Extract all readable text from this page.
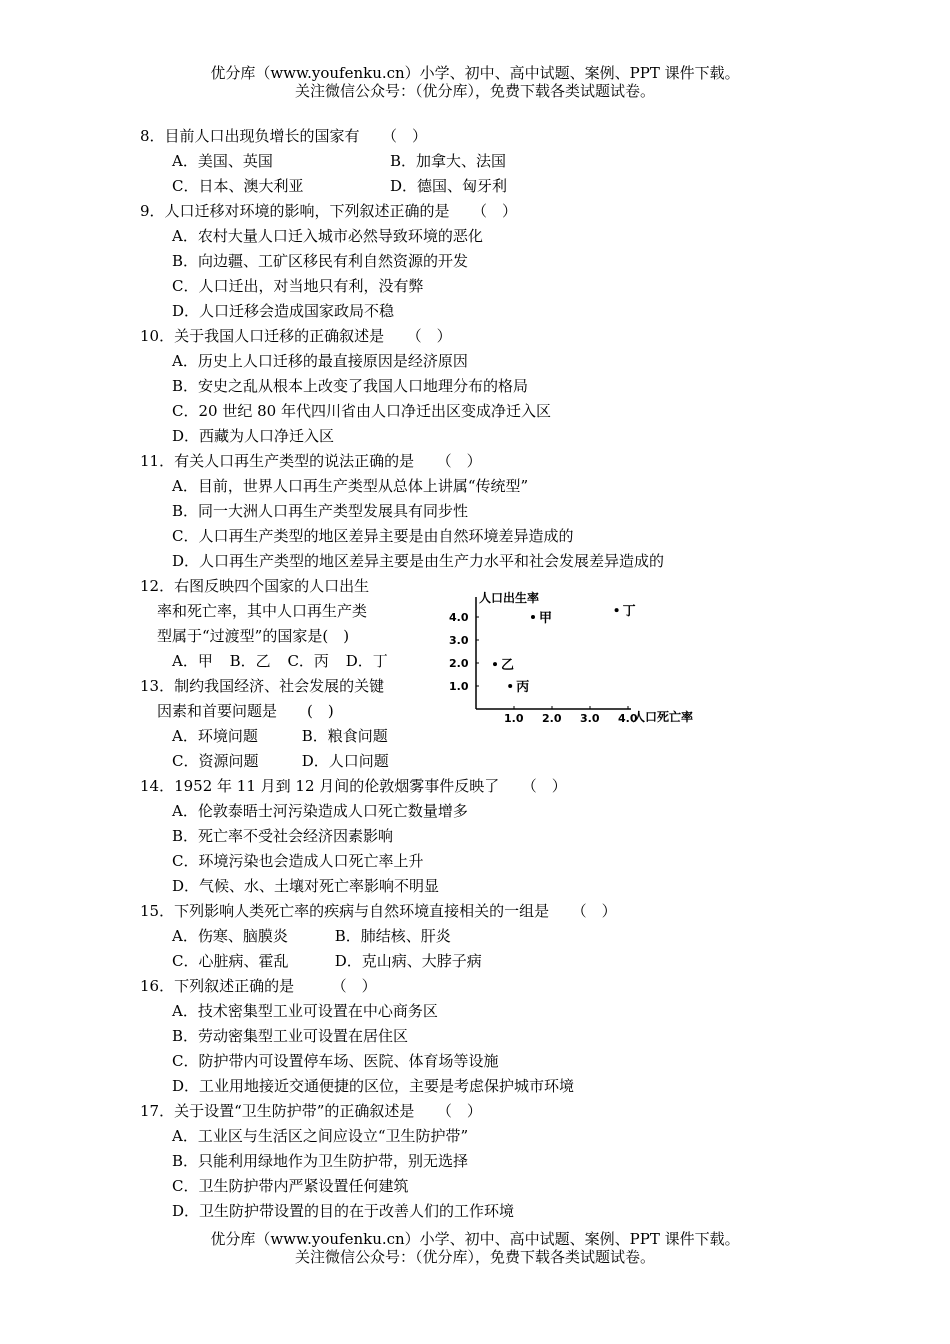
优分库（www.youfenku.cn）小学、初中、高中试题、案例、PPT 课件下载。
关注微信公众号：（优分库），免费下载各类试题试卷。
8．目前人口出现负增长的国家有　　（　）
A．美国、英国	B．加拿大、法国
C．日本、澳大利亚	D．德国、匈牙利
9．人口迁移对环境的影响，下列叙述正确的是　　（　）
A．农村大量人口迁入城市必然导致环境的恶化
B．向边疆、工矿区移民有利自然资源的开发
C．人口迁出，对当地只有利，没有弊
D．人口迁移会造成国家政局不稳
10．关于我国人口迁移的正确叙述是　　（　）
A．历史上人口迁移的最直接原因是经济原因
B．安史之乱从根本上改变了我国人口地理分布的格局
C．20 世纪 80 年代四川省由人口净迁出区变成净迁入区
D．西藏为人口净迁入区
11．有关人口再生产类型的说法正确的是　　（　）
A．目前，世界人口再生产类型从总体上讲属“传统型”
B．同一大洲人口再生产类型发展具有同步性
C．人口再生产类型的地区差异主要是由自然环境差异造成的
D．人口再生产类型的地区差异主要是由生产力水平和社会发展差异造成的
12．右图反映四个国家的人口出生
率和死亡率，其中人口再生产类
型属于“过渡型”的国家是(　)
A．甲 B．乙 C．丙 D．丁
13．制约我国经济、社会发展的关键
因素和首要问题是　　(　)
A．环境问题	B．粮食问题
C．资源问题	D．人口问题
14．1952 年 11 月到 12 月间的伦敦烟雾事件反映了　　（　）
A．伦敦泰晤士河污染造成人口死亡数量增多
B．死亡率不受社会经济因素影响
C．环境污染也会造成人口死亡率上升
D．气候、水、土壤对死亡率影响不明显
15．下列影响人类死亡率的疾病与自然环境直接相关的一组是　　（　）
A．伤寒、脑膜炎	B．肺结核、肝炎
C．心脏病、霍乱	D．克山病、大脖子病
16．下列叙述正确的是　　　（　）
A．技术密集型工业可设置在中心商务区
B．劳动密集型工业可设置在居住区
C．防护带内可设置停车场、医院、体育场等设施
D．工业用地接近交通便捷的区位，主要是考虑保护城市环境
17．关于设置“卫生防护带”的正确叙述是　　（　）
A．工业区与生活区之间应设立“卫生防护带”
B．只能利用绿地作为卫生防护带，别无选择
C．卫生防护带内严紧设置任何建筑
D．卫生防护带设置的目的在于改善人们的工作环境
人口出生率
人口死亡率
1.0 2.0 3.0 4.0
1.0
2.0
3.0
4.0	甲
乙
丙
丁
优分库（www.youfenku.cn）小学、初中、高中试题、案例、PPT 课件下载。
关注微信公众号：（优分库），免费下载各类试题试卷。
